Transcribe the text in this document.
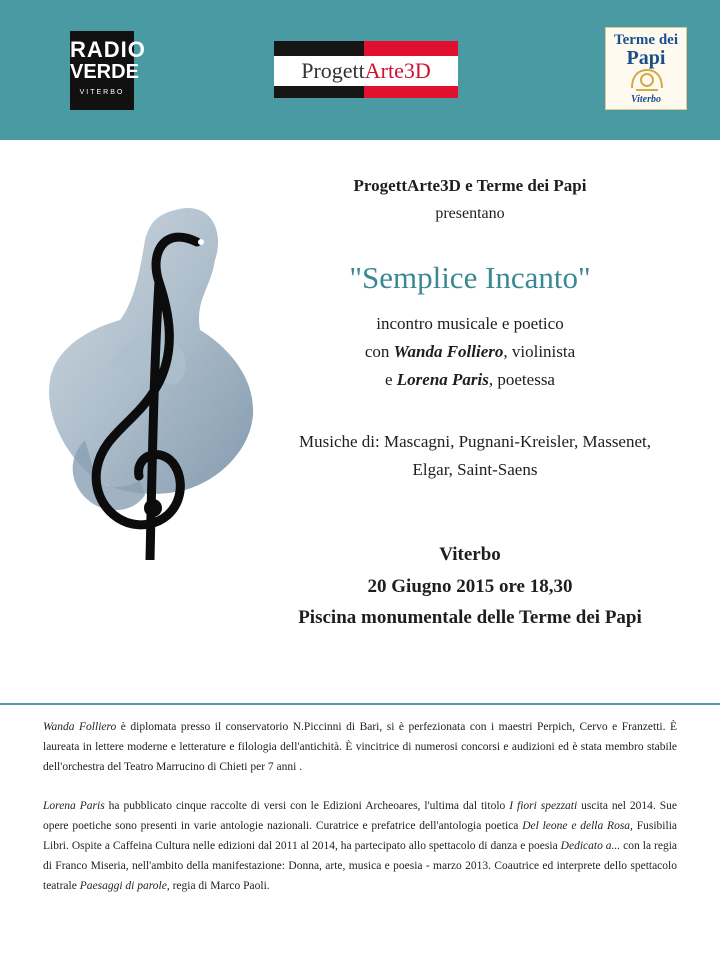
RADIO
VERDE
VITERBO
ProgettArte3D
Terme dei
Papi
Viterbo
ProgettArte3D e Terme dei Papi
presentano
"Semplice Incanto"
incontro musicale e poetico
con Wanda Folliero, violinista
e Lorena Paris, poetessa
Musiche di: Mascagni, Pugnani-Kreisler, Massenet,
Elgar, Saint-Saens
Viterbo
20 Giugno 2015 ore 18,30
Piscina monumentale delle Terme dei Papi

Wanda Folliero è diplomata presso il conservatorio N.Piccinni di Bari, si è perfezionata con i maestri Perpich, Cervo e Franzetti. È laureata in lettere moderne e letterature e filologia dell'antichità. È vincitrice di numerosi concorsi e audizioni ed è stata membro stabile dell'orchestra del Teatro Marrucino di Chieti per 7 anni .

Lorena Paris ha pubblicato cinque raccolte di versi con le Edizioni Archeoares, l'ultima dal titolo I fiori spezzati uscita nel 2014. Sue opere poetiche sono presenti in varie antologie nazionali. Curatrice e prefatrice dell'antologia poetica Del leone e della Rosa, Fusibilia Libri. Ospite a Caffeina Cultura nelle edizioni dal 2011 al 2014, ha partecipato allo spettacolo di danza e poesia Dedicato a... con la regia di Franco Miseria, nell'ambito della manifestazione: Donna, arte, musica e poesia - marzo 2013. Coautrice ed interprete dello spettacolo teatrale Paesaggi di parole, regia di Marco Paoli.
